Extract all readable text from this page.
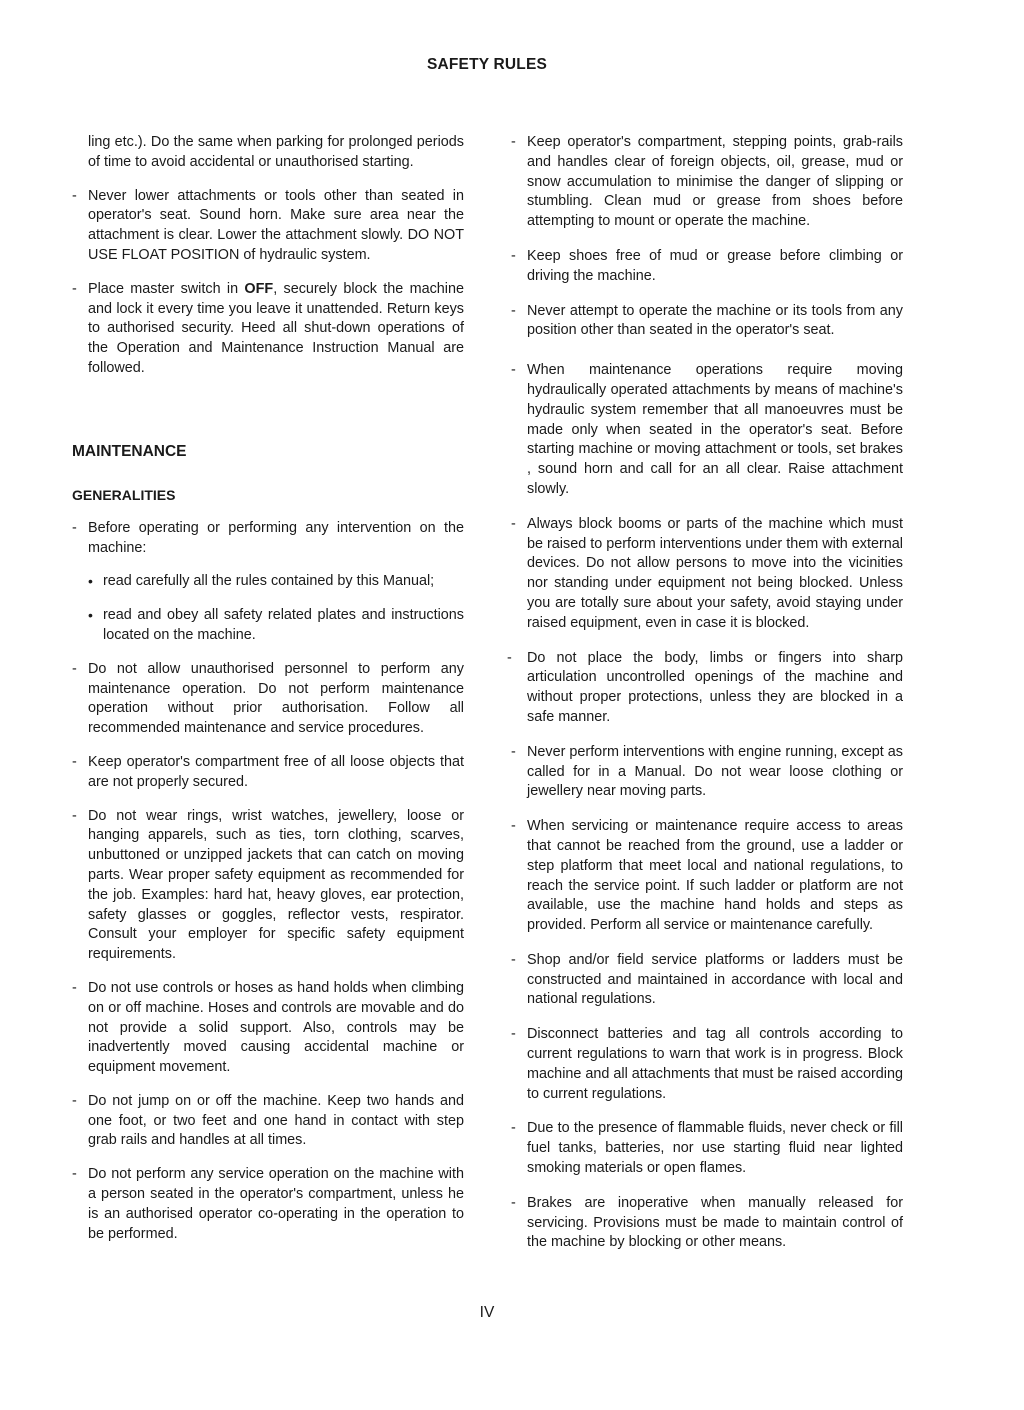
SAFETY RULES

ling etc.). Do the same when parking for prolonged periods of time to avoid accidental or unauthorised starting.

- Never lower attachments or tools other than seated in operator's seat. Sound horn. Make sure area near the attachment is clear. Lower the attachment slowly. DO NOT USE FLOAT POSITION of hydraulic system.

- Place master switch in OFF, securely block the machine and lock it every time you leave it unattended. Return keys to authorised security. Heed all shut-down operations of the Operation and Maintenance Instruction Manual are followed.

MAINTENANCE
GENERALITIES

- Before operating or performing any intervention on the machine:

• read carefully all the rules contained by this Manual;

• read and obey all safety related plates and instructions located on the machine.

- Do not allow unauthorised personnel to perform any maintenance operation. Do not perform maintenance operation without prior authorisation. Follow all recommended maintenance and service procedures.

- Keep operator's compartment free of all loose objects that are not properly secured.

- Do not wear rings, wrist watches, jewellery, loose or hanging apparels, such as ties, torn clothing, scarves, unbuttoned or unzipped jackets that can catch on moving parts. Wear proper safety equipment as recommended for the job. Examples: hard hat, heavy gloves, ear protection, safety glasses or goggles, reflector vests, respirator. Consult your employer for specific safety equipment requirements.

- Do not use controls or hoses as hand holds when climbing on or off machine. Hoses and controls are movable and do not provide a solid support. Also, controls may be inadvertently moved causing accidental machine or equipment movement.

- Do not jump on or off the machine. Keep two hands and one foot, or two feet and one hand in contact with step grab rails and handles at all times.

- Do not perform any service operation on the machine with a person seated in the operator's compartment, unless he is an authorised operator co-operating in the operation to be performed.

- Keep operator's compartment, stepping points, grab-rails and handles clear of foreign objects, oil, grease, mud or snow accumulation to minimise the danger of slipping or stumbling. Clean mud or grease from shoes before attempting to mount or operate the machine.

- Keep shoes free of mud or grease before climbing or driving the machine.

- Never attempt to operate the machine or its tools from any position other than seated in the operator's seat.

- When maintenance operations require moving hydraulically operated attachments by means of machine's hydraulic system remember that all manoeuvres must be made only when seated in the operator's seat. Before starting machine or moving attachment or tools, set brakes , sound horn and call for an all clear. Raise attachment slowly.

- Always block booms or parts of the machine which must be raised to perform interventions under them with external devices. Do not allow persons to move into the vicinities nor standing under equipment not being blocked. Unless you are totally sure about your safety, avoid staying under raised equipment, even in case it is blocked.

- Do not place the body, limbs or fingers into sharp articulation uncontrolled openings of the machine and without proper protections, unless they are blocked in a safe manner.

- Never perform interventions with engine running, except as called for in a Manual. Do not wear loose clothing or jewellery near moving parts.

- When servicing or maintenance require access to areas that cannot be reached from the ground, use a ladder or step platform that meet local and national regulations, to reach the service point. If such ladder or platform are not available, use the machine hand holds and steps as provided. Perform all service or maintenance carefully.

- Shop and/or field service platforms or ladders must be constructed and maintained in accordance with local and national regulations.

- Disconnect batteries and tag all controls according to current regulations to warn that work is in progress. Block machine and all attachments that must be raised according to current regulations.

- Due to the presence of flammable fluids, never check or fill fuel tanks, batteries, nor use starting fluid near lighted smoking materials or open flames.

- Brakes are inoperative when manually released for servicing. Provisions must be made to maintain control of the machine by blocking or other means.

IV
